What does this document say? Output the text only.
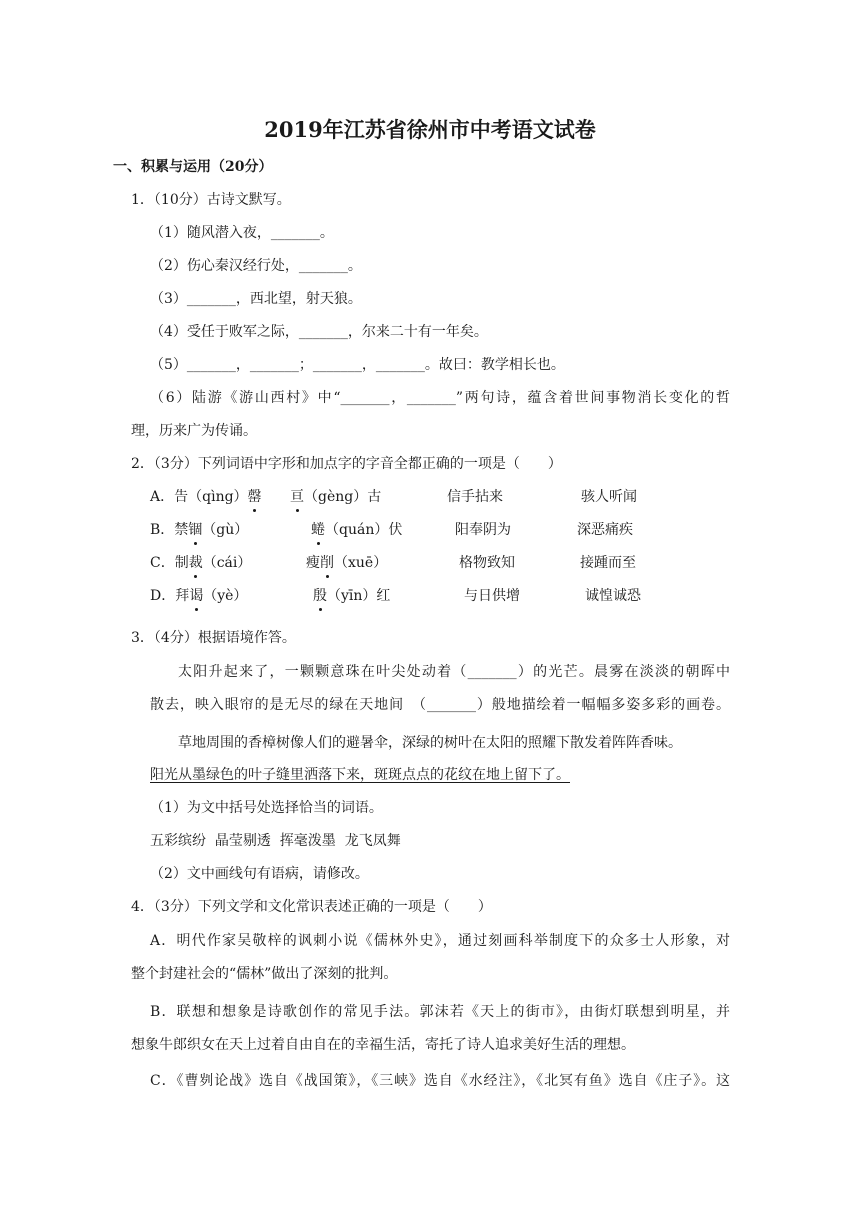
2019年江苏省徐州市中考语文试卷
一、积累与运用（20分）
1．（10分）古诗文默写。
（1）随风潜入夜，_______。
（2）伤心秦汉经行处，_______。
（3）_______，西北望，射天狼。
（4）受任于败军之际，_______，尔来二十有一年矣。
（5）_______，_______；_______，_______。故曰：教学相长也。
（6）陆游《游山西村》中“_______，_______”两句诗，蕴含着世间事物消长变化的哲
理，历来广为传诵。
2．（3分）下列词语中字形和加点字的字音全都正确的一项是（　　）
A．告（qìng）罄 亘（gèng）古	信手拈来	骇人听闻
B．禁锢（gù）	蜷（quán）伏	阳奉阴为	深恶痛疾
C．制裁（cái）	瘦削（xuē）	格物致知	接踵而至
D．拜谒（yè）	殷（yīn）红	与日供增	诚惶诚恐
3．（4分）根据语境作答。
太阳升起来了，一颗颗意珠在叶尖处动着（_______）的光芒。晨雾在淡淡的朝晖中
散去，映入眼帘的是无尽的绿在天地间　（_______）般地描绘着一幅幅多姿多彩的画卷。
草地周围的香樟树像人们的避暑伞，深绿的树叶在太阳的照耀下散发着阵阵香味。
阳光从墨绿色的叶子缝里洒落下来，斑斑点点的花纹在地上留下了。
（1）为文中括号处选择恰当的词语。
五彩缤纷  晶莹剔透  挥毫泼墨  龙飞凤舞
（2）文中画线句有语病，请修改。
4．（3分）下列文学和文化常识表述正确的一项是（　　）
A．明代作家吴敬梓的讽刺小说《儒林外史》，通过刻画科举制度下的众多士人形象，对
整个封建社会的“儒林”做出了深刻的批判。
B．联想和想象是诗歌创作的常见手法。郭沫若《天上的街市》，由街灯联想到明星，并
想象牛郎织女在天上过着自由自在的幸福生活，寄托了诗人追求美好生活的理想。
C．《曹刿论战》选自《战国策》，《三峡》选自《水经注》，《北冥有鱼》选自《庄子》。这
